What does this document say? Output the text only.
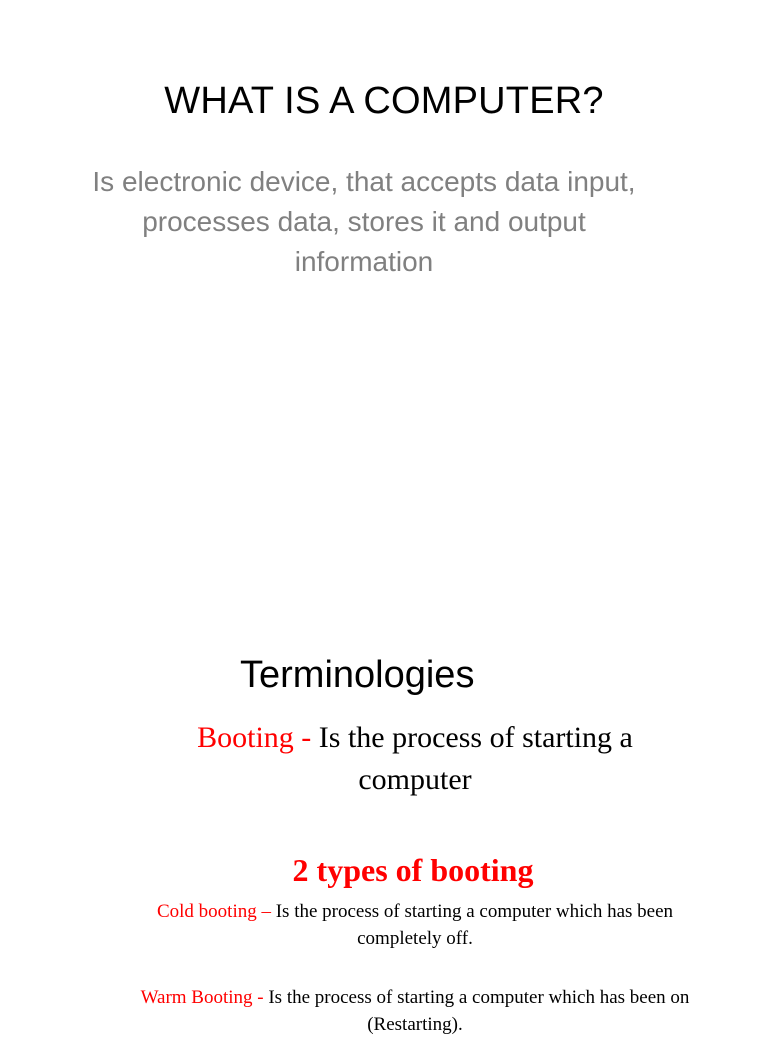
WHAT IS A COMPUTER?
Is electronic device, that accepts data input, processes data, stores it and output information
Terminologies
Booting - Is the process of starting a computer
2 types of booting
Cold booting – Is the process of starting a computer which has been completely off.
Warm Booting - Is the process of starting a computer which has been on (Restarting).
